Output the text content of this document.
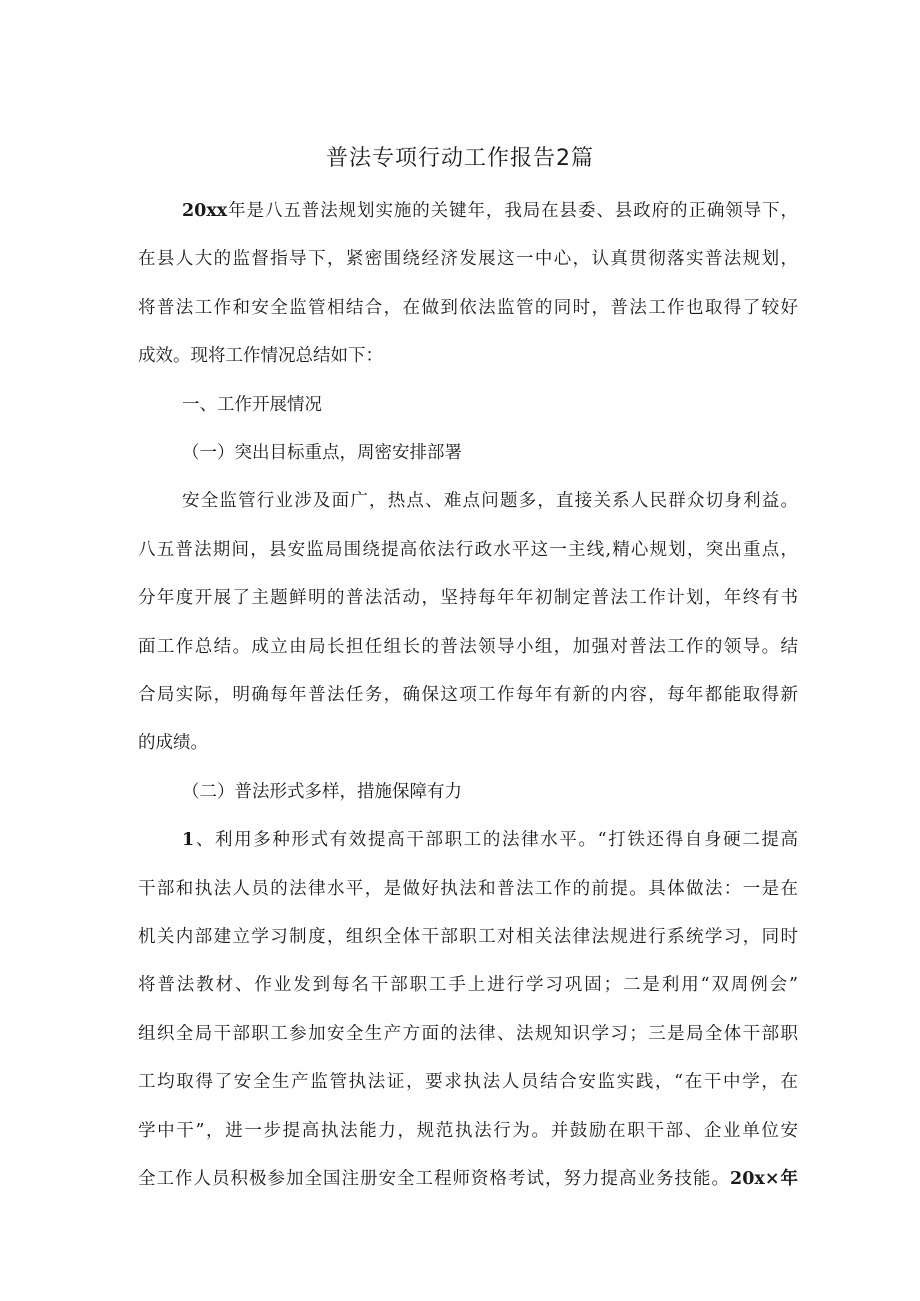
普法专项行动工作报告2篇
20xx年是八五普法规划实施的关键年，我局在县委、县政府的正确领导下，
在县人大的监督指导下，紧密围绕经济发展这一中心，认真贯彻落实普法规划，
将普法工作和安全监管相结合，在做到依法监管的同时，普法工作也取得了较好
成效。现将工作情况总结如下：
一、工作开展情况
（一）突出目标重点，周密安排部署
安全监管行业涉及面广，热点、难点问题多，直接关系人民群众切身利益。
八五普法期间，县安监局围绕提高依法行政水平这一主线,精心规划，突出重点，
分年度开展了主题鲜明的普法活动，坚持每年年初制定普法工作计划，年终有书
面工作总结。成立由局长担任组长的普法领导小组，加强对普法工作的领导。结
合局实际，明确每年普法任务，确保这项工作每年有新的内容，每年都能取得新
的成绩。
（二）普法形式多样，措施保障有力
1、利用多种形式有效提高干部职工的法律水平。“打铁还得自身硬二提高
干部和执法人员的法律水平，是做好执法和普法工作的前提。具体做法：一是在
机关内部建立学习制度，组织全体干部职工对相关法律法规进行系统学习，同时
将普法教材、作业发到每名干部职工手上进行学习巩固；二是利用“双周例会”
组织全局干部职工参加安全生产方面的法律、法规知识学习；三是局全体干部职
工均取得了安全生产监管执法证，要求执法人员结合安监实践，“在干中学，在
学中干”，进一步提高执法能力，规范执法行为。并鼓励在职干部、企业单位安
全工作人员积极参加全国注册安全工程师资格考试，努力提高业务技能。20x×年
